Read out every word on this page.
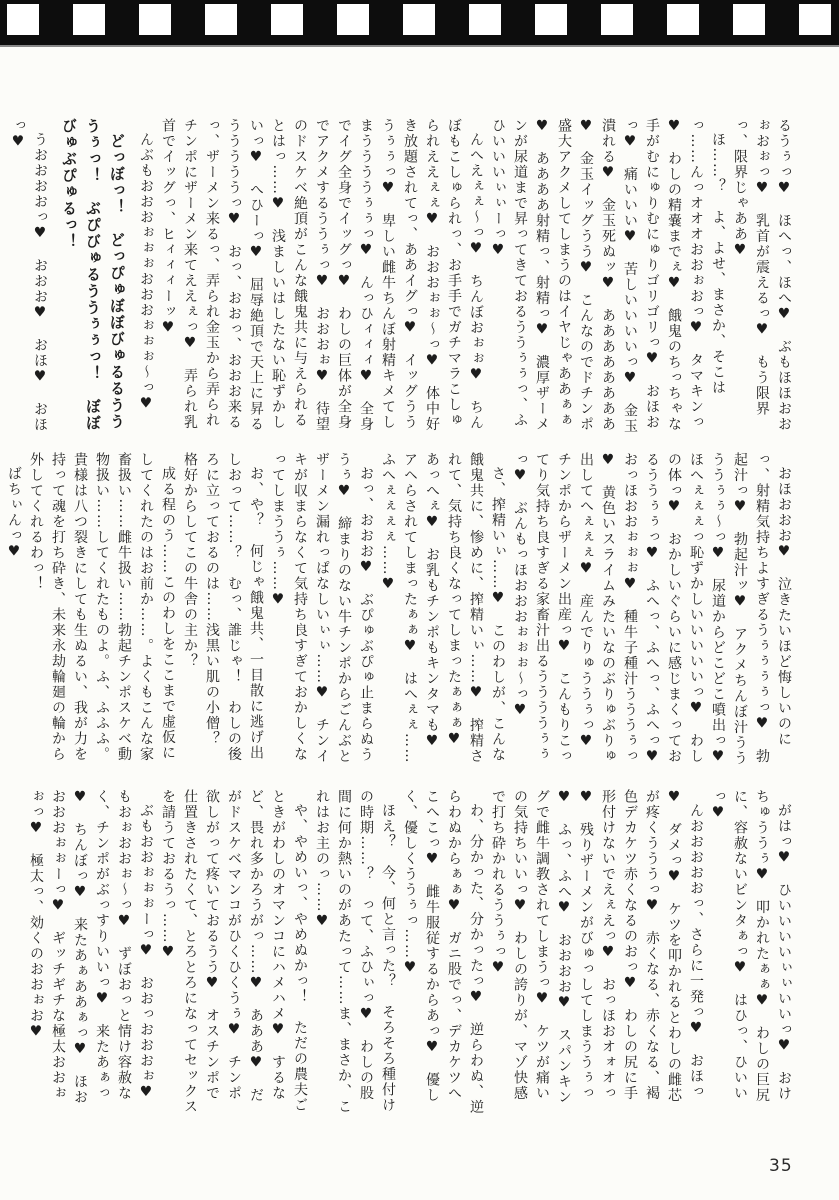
るうぅっ♥　ほへっ、ほへ♥　ぶもほほおおぉおぉっ♥　乳首が震えるっ♥　もう限界っ、限界じゃああ♥

ほ……？　よ、よせ、まさか、そこはっ……んっオオオおおぉおっ♥　タマキンっ♥　わしの精嚢までぇ♥　餓鬼のちっちゃな手がむにゅりむにゅりゴリゴリっ♥　おほおっ♥　痛いいい♥　苦しいいいいっ♥　金玉潰れる♥　金玉死ぬッ♥　ああああああああ♥　金玉イッグうう♥　こんなのでドチンポ盛大アクメしてしまうのはイヤじゃああぁぁ♥　ああああ射精っ、射精っ♥　濃厚ザーメンが尿道まで昇ってきておるううぅぅっ、ふひいいいぃぃーっ♥

んへえぇぇ～っ♥　ちんぼおぉぉ♥　ちんぼもこしゅられっ、お手手でガチマラこしゅられええぇぇ♥　おおおぉぉ～っ♥　体中好き放題されてっ、ああイグっ♥　イッグうううぅぅっ♥　卑しい雌牛ちんぼ射精キメてしまううううぅぅっ♥　んっひィィィ♥　全身でイグ全身でイッグっ♥　わしの巨体が全身でアクメするううぅっ♥　おおおぉ♥　待望のドスケベ絶頂がこんな餓鬼共に与えられるとはっ……♥　浅ましいはしたない恥ずかしいっ♥　へひーっ♥　屈辱絶頂で天上に昇るうううううっ♥　おっ、おおっ、おおお来るっ、ザーメン来るっ、弄られ金玉から弄られチンポにザーメン来てええぇっ♥　弄られ乳首でイッグっ、ヒィィィーッ♥

んぶもおおおぉぉぉおおおぉぉぉ～っ♥

どっぼっ！　どっぴゅぼぼびゅるるうううぅっ！　ぶぴびゅるううぅぅっ！　ぼぼびゅぶぴゅるっ！

うおおおおっ♥　おおお♥　おほ♥　おほっ♥

おほおおお♥　泣きたいほど悔しいのにっ、射精気持ちよすぎるうぅぅぅぅっ♥　勃起汁っ♥　勃起汁ッ♥　アクメちんぼ汁ううううぅぅ～っ♥　尿道からどこどこ噴出っ♥　ほへぇぇぇっ恥ずかしいいいいいっ♥　わしの体っ♥　おかしいぐらいに感じまくっておるううぅぅっ♥　ふへっ、ふへっ、ふへっ♥　おっほおおぉぉぉ♥　種牛子種汁うううぅっ♥　黄色いスライムみたいなのぶりゅぶりゅ出してへぇぇぇ♥　産んでりゅううぅっ♥　チンポからザーメン出産っ♥　こんもりこってり気持ち良すぎる家畜汁出るううううぅぅっ♥　ぶんもっほおおおぉぉぉ～っ♥

さ、搾精いぃ……♥　このわしが、こんな餓鬼共に、惨めに、搾精いぃ……♥　搾精されて、気持ち良くなってしまったぁぁぁ♥　あっへぇ♥　お乳もチンポもキンタマも♥　アヘらされてしまったぁぁ♥　はへぇぇ……ふへぇぇぇぇ……♥

おっ、おおお♥　ぶぴゅぶぴゅ止まらぬううぅ♥　締まりのない牛チンポからごんぶとザーメン漏れっぱなしいぃぃ……♥　チンイキが収まらなくて気持ち良すぎておかしくなってしまううぅ……♥

お、や？　何じゃ餓鬼共、一目散に逃げ出しおって……？　むっ、誰じゃ！　わしの後ろに立っておるのは……浅黒い肌の小僧？　格好からしてこの牛舎の主か？

成る程のう……このわしをここまで虚仮にしてくれたのはお前か……。よくもこんな家畜扱い……雌牛扱い……勃起チンポスケベ動物扱い……してくれたものよ。ふ、ふふふ。貴様は八つ裂きにしても生ぬるい、我が力を持って魂を打ち砕き、未来永劫輪廻の輪から外してくれるわっ！

ばちぃんっ♥

がはっ♥　ひいいいいぃぃいいっ♥　おけちゅううぅ♥　叩かれたぁぁ♥　わしの巨尻に、容赦ないビンタぁっ♥　はひっ、ひいいっ♥

んおおおおおっ、さらに一発っ♥　おほっ♥　ダメっ♥　ケツを叩かれるとわしの雌芯が疼くうううっ♥　赤くなる、赤くなる、褐色デカケツ赤くなるのおっ♥　わしの尻に手形付けないでえぇえっ♥　おっほおオォオっ♥　残りザーメンがびゅっしてしまううぅっ♥　ふっ、ふへ♥　おおおお♥　スパンキングで雌牛調教されてしまうっ♥　ケツが痛いの気持ちいいっ♥　わしの誇りが、マゾ快感で打ち砕かれるううぅっ♥

わ、分かった、分かったっ♥　逆らわぬ、逆らわぬからぁぁ♥　ガニ股でっ、デカケツへこへこっ♥　雌牛服従するからあっ♥　優しく、優しくううぅっ……♥

ほえ？　今、何と言った？　そろそろ種付けの時期……？　って、ふひぃっ♥　わしの股間に何か熱いのがあたって……ま、まさか、これはお主のっ……♥

や、やめいっ、やめぬかっ！　ただの農夫ごときがわしのオマンコにハメハメ♥　するなど、畏れ多かろうがっ……♥　あああ♥　だがドスケベマンコがひくひくうぅ♥　チンポ欲しがって疼いておるうう♥　オスチンポで仕置きされたくて、とろとろになってセックスを請うておるうっ……♥

ぶもおおぉぉぉーっ♥　おおっおおおぉ♥　もおぉおおぉ～っ♥　ずぼおっと情け容赦なく、チンポがぶっすりいいっ♥　来たあぁっ♥　ちんぼっ♥　来たあぁああぁっ♥　ほおおおおぉぉーっ♥　ギッチギチな極太おおぉぉっ♥　極太っ、効くのおおぉお♥

35
